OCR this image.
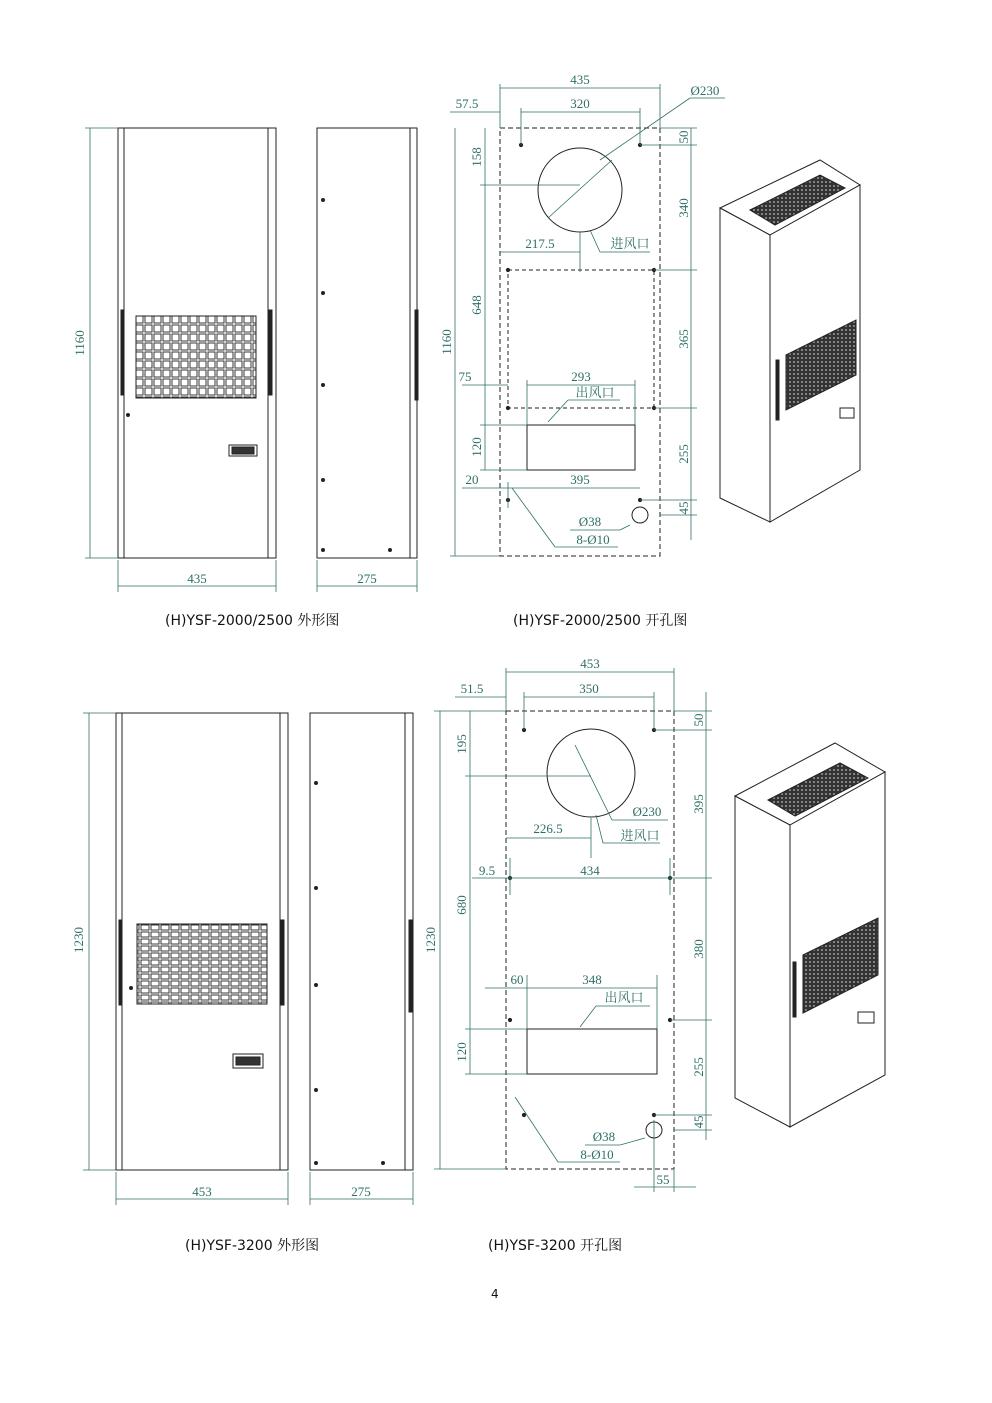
1160
435	275
435
320
57.5
Ø230
50
340
365
255
45
158
648
1160
120
217.5
75	293
20	395
进风口
出风口
Ø38
8-Ø10
1230
453	275
453
350
51.5
Ø230
50
395
380
255
45
195
680
1230
120
226.5
9.5	434
60	348
55
进风口
出风口
Ø38
8-Ø10
(H)YSF-2000/2500 外形图	(H)YSF-2000/2500 开孔图
(H)YSF-3200 外形图	(H)YSF-3200 开孔图
4
